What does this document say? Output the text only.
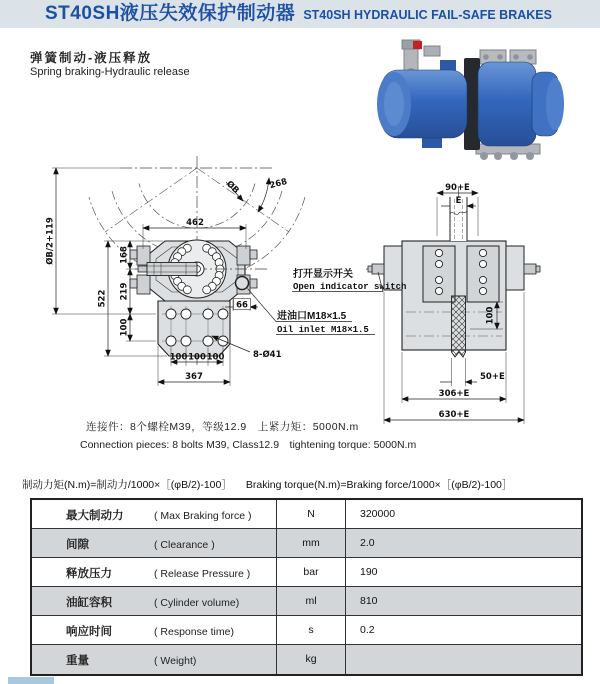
ST40SH液压失效保护制动器 ST40SH HYDRAULIC FAIL-SAFE BRAKES
弹簧制动-液压释放
Spring braking-Hydraulic release
268
ØB
8-Ø41
462
66
100 100 100
367
168
219
100
522
ØB/2+119
90+E
E
100
50+E
306+E
630+E
打开显示开关
Open indicator switch
进油口M18×1.5
Oil inlet M18×1.5
连接件：8个螺栓M39，等级12.9　上紧力矩：5000N.m
Connection pieces: 8 bolts M39, Class12.9　tightening torque: 5000N.m
制动力矩(N.m)=制动力/1000×［(φB/2)-100］ Braking torque(N.m)=Braking force/1000×［(φB/2)-100］
最大制动力	( Max Braking force )	N	320000
间隙	( Clearance )	mm	2.0
释放压力	( Release Pressure )	bar	190
油缸容积	( Cylinder volume)	ml	810
响应时间	( Response time)	s	0.2
重量	( Weight)	kg
